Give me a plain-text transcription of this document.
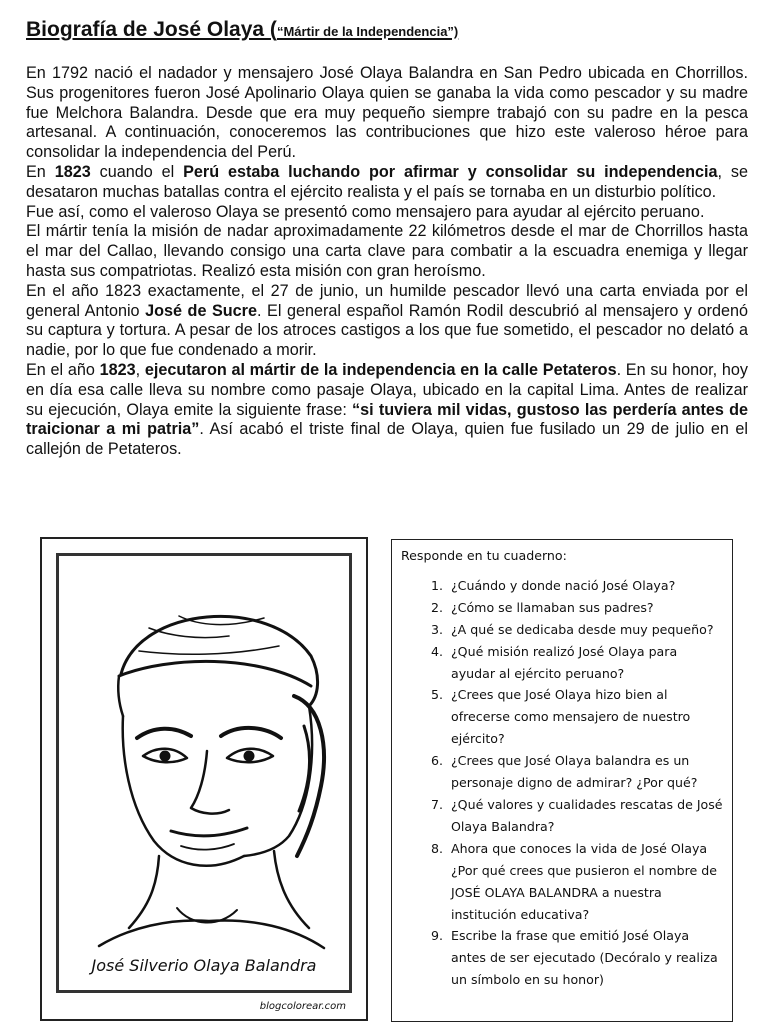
Biografía de José Olaya (“Mártir de la Independencia”)

En 1792 nació el nadador y mensajero José Olaya Balandra en San Pedro ubicada en Chorrillos. Sus progenitores fueron José Apolinario Olaya quien se ganaba la vida como pescador y su madre fue Melchora Balandra. Desde que era muy pequeño siempre trabajó con su padre en la pesca artesanal. A continuación, conoceremos las contribuciones que hizo este valeroso héroe para consolidar la independencia del Perú.

En 1823 cuando el Perú estaba luchando por afirmar y consolidar su independencia, se desataron muchas batallas contra el ejército realista y el país se tornaba en un disturbio político.

Fue así, como el valeroso Olaya se presentó como mensajero para ayudar al ejército peruano.

El mártir tenía la misión de nadar aproximadamente 22 kilómetros desde el mar de Chorrillos hasta el mar del Callao, llevando consigo una carta clave para combatir a la escuadra enemiga y llegar hasta sus compatriotas. Realizó esta misión con gran heroísmo.

En el año 1823 exactamente, el 27 de junio, un humilde pescador llevó una carta enviada por el general Antonio José de Sucre. El general español Ramón Rodil descubrió al mensajero y ordenó su captura y tortura. A pesar de los atroces castigos a los que fue sometido, el pescador no delató a nadie, por lo que fue condenado a morir.

En el año 1823, ejecutaron al mártir de la independencia en la calle Petateros. En su honor, hoy en día esa calle lleva su nombre como pasaje Olaya, ubicado en la capital Lima. Antes de realizar su ejecución, Olaya emite la siguiente frase: “si tuviera mil vidas, gustoso las perdería antes de traicionar a mi patria”. Así acabó el triste final de Olaya, quien fue fusilado un 29 de julio en el callejón de Petateros.

José Silverio Olaya Balandra
blogcolorear.com

Responde en tu cuaderno:

1. ¿Cuándo y donde nació José Olaya?
2. ¿Cómo se llamaban sus padres?
3. ¿A qué se dedicaba desde muy pequeño?
4. ¿Qué misión realizó José Olaya para ayudar al ejército peruano?
5. ¿Crees que José Olaya hizo bien al ofrecerse como mensajero de nuestro ejército?
6. ¿Crees que José Olaya balandra es un personaje digno de admirar? ¿Por qué?
7. ¿Qué valores y cualidades rescatas de José Olaya Balandra?
8. Ahora que conoces la vida de José Olaya ¿Por qué crees que pusieron el nombre de JOSÉ OLAYA BALANDRA a nuestra institución educativa?
9. Escribe la frase que emitió José Olaya antes de ser ejecutado (Decóralo y realiza un símbolo en su honor)
